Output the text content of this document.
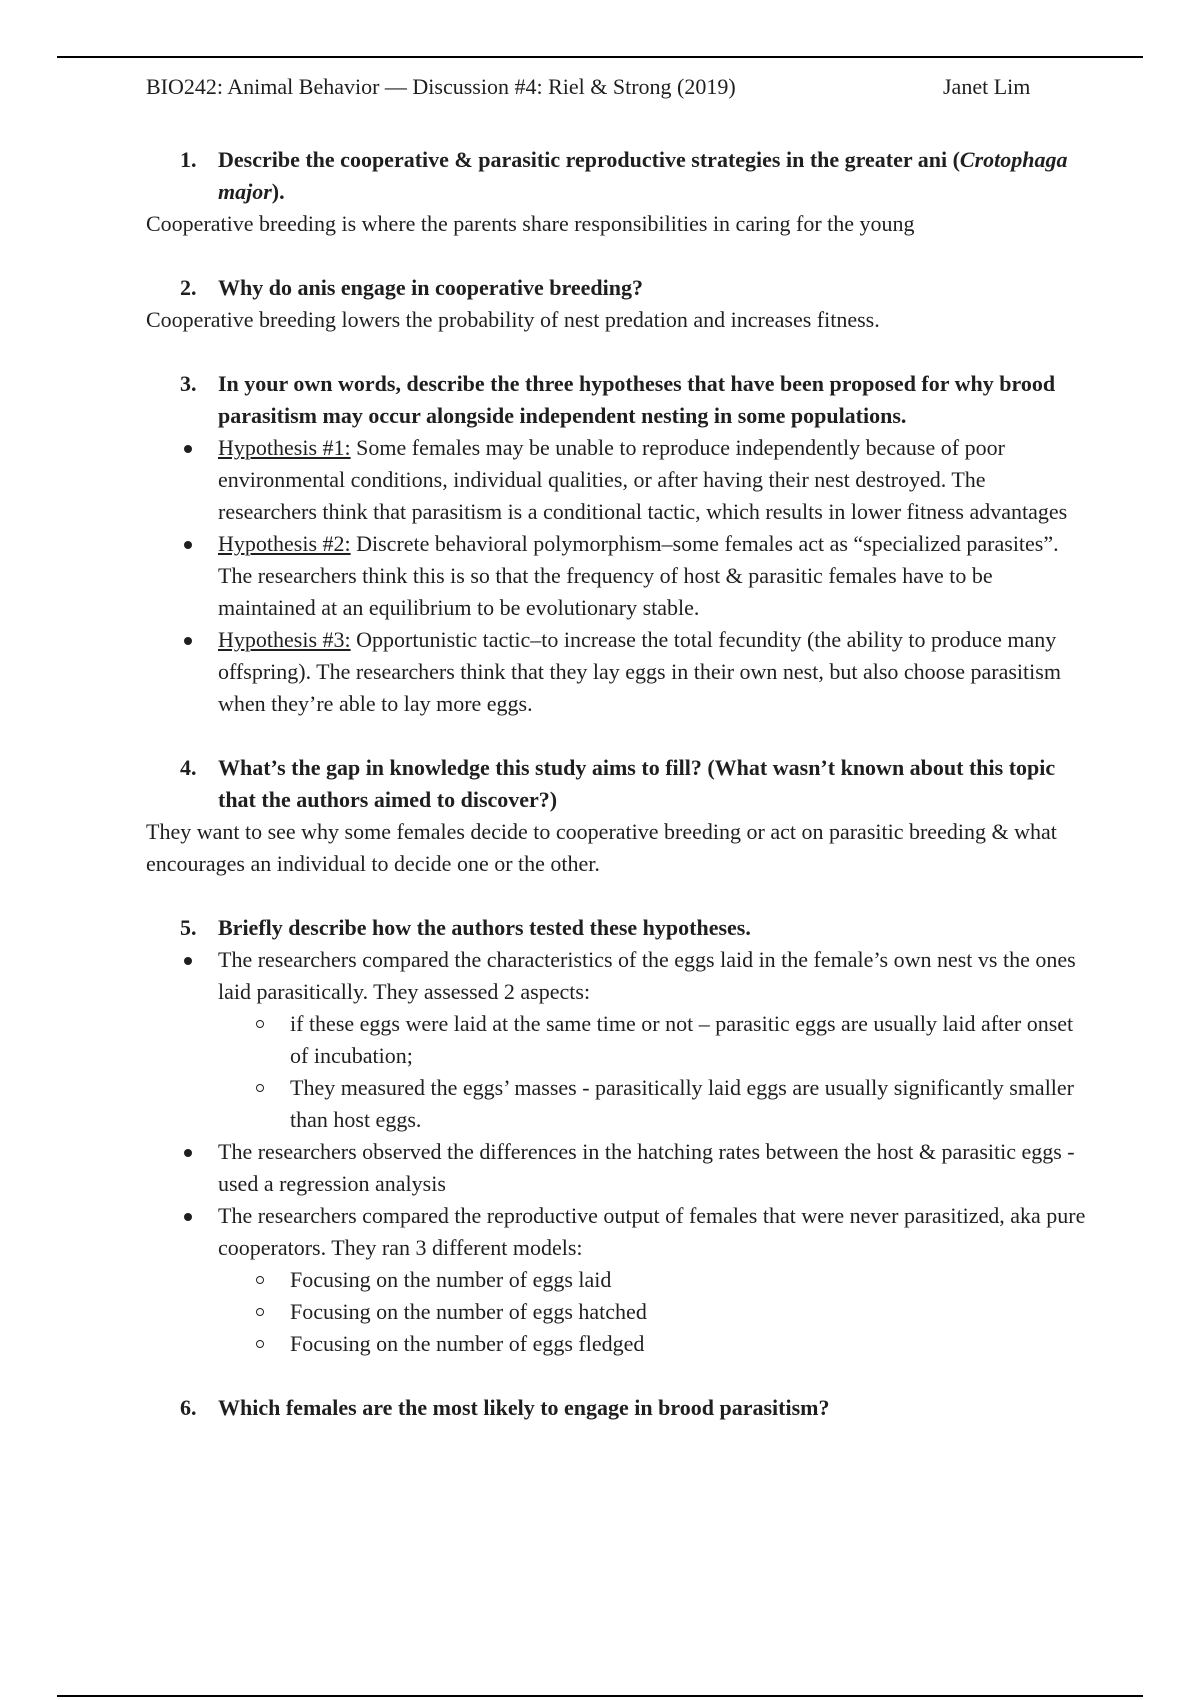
BIO242: Animal Behavior — Discussion #4: Riel & Strong (2019)	Janet Lim
1. Describe the cooperative & parasitic reproductive strategies in the greater ani (Crotophaga major).

Cooperative breeding is where the parents share responsibilities in caring for the young

2. Why do anis engage in cooperative breeding?

Cooperative breeding lowers the probability of nest predation and increases fitness.

3. In your own words, describe the three hypotheses that have been proposed for why brood parasitism may occur alongside independent nesting in some populations.
Hypothesis #1: Some females may be unable to reproduce independently because of poor environmental conditions, individual qualities, or after having their nest destroyed. The researchers think that parasitism is a conditional tactic, which results in lower fitness advantages
Hypothesis #2: Discrete behavioral polymorphism–some females act as “specialized parasites”. The researchers think this is so that the frequency of host & parasitic females have to be maintained at an equilibrium to be evolutionary stable.
Hypothesis #3: Opportunistic tactic–to increase the total fecundity (the ability to produce many offspring). The researchers think that they lay eggs in their own nest, but also choose parasitism when they’re able to lay more eggs.
4. What’s the gap in knowledge this study aims to fill? (What wasn’t known about this topic that the authors aimed to discover?)

They want to see why some females decide to cooperative breeding or act on parasitic breeding & what encourages an individual to decide one or the other.

5. Briefly describe how the authors tested these hypotheses.
The researchers compared the characteristics of the eggs laid in the female’s own nest vs the ones laid parasitically. They assessed 2 aspects:
if these eggs were laid at the same time or not – parasitic eggs are usually laid after onset of incubation;
They measured the eggs’ masses - parasitically laid eggs are usually significantly smaller than host eggs.
The researchers observed the differences in the hatching rates between the host & parasitic eggs - used a regression analysis
The researchers compared the reproductive output of females that were never parasitized, aka pure cooperators. They ran 3 different models:
Focusing on the number of eggs laid
Focusing on the number of eggs hatched
Focusing on the number of eggs fledged
6. Which females are the most likely to engage in brood parasitism?
